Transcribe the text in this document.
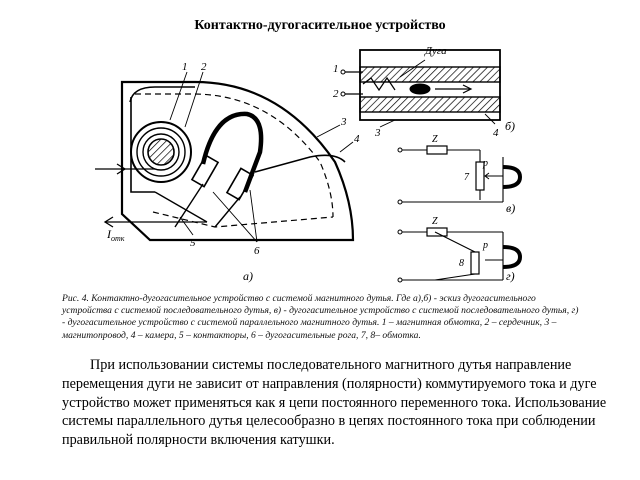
Контактно-дугогасительное устройство
1 2
3
4
5
6
$I_{отк}$
а)
Дуга
1
2
3	4 б)
Z
p
7
в)
Z
p
8
г)
Рис. 4. Контактно-дугогасительное устройство с системой магнитного дутья. Где а),б) - эскиз дугогасительного устройства с системой последовательного дутья, в) - дугогасительное устройство с системой последовательного дутья, г) - дугогасительное устройство с системой параллельного магнитного дутья. 1 – магнитная обмотка, 2 – сердечник, 3 – магнитопровод, 4 – камера, 5 – контакторы, 6 – дугогасительные рога, 7, 8– обмотка.
При использовании системы последовательного магнитного дутья направление перемещения дуги не зависит от направления (полярности) коммутируемого тока и дуге устройство может применяться как я цепи постоянного переменного тока. Использование системы параллельного дутья целесообразно в цепях постоянного тока при соблюдении правильной полярности включения катушки.
